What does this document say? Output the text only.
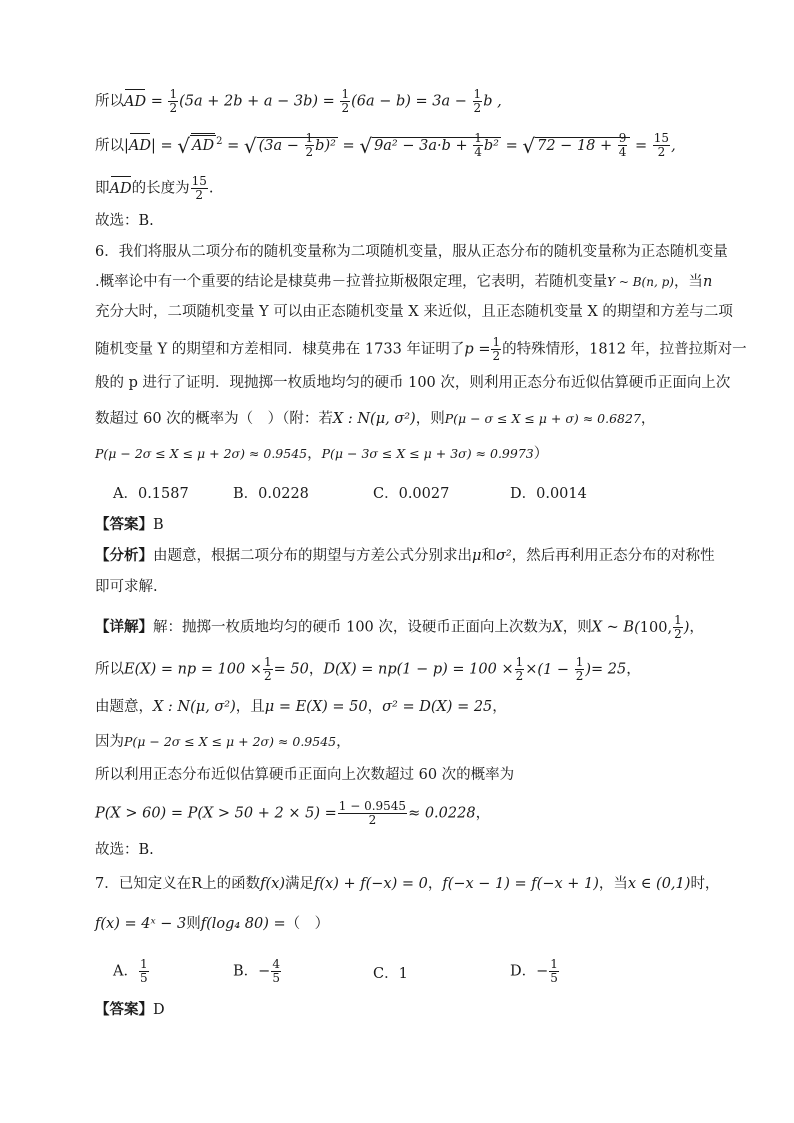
所以AD = $\frac{1}{2} (5a + 2b + a - 3b) = \frac{1}{2} (6a - b) = 3a - \frac{1}{2}$ b ,
所以|AD| = √ AD $^2$ = √ $(3a - \frac{1}{2} b)^2$ = √ $9a^2 - 3a\cdot b + \frac{1}{4} b^2$ = √ $72 - 18 + \frac{9}{4} = \frac{15}{2}$ ,
即AD的长度为 $\frac{15}{2}$ .
故选：B.
6．我们将服从二项分布的随机变量称为二项随机变量，服从正态分布的随机变量称为正态随机变量
.概率论中有一个重要的结论是棣莫弗－拉普拉斯极限定理，它表明，若随机变量Y ~ B(n, p)，当n
充分大时，二项随机变量 Y 可以由正态随机变量 X 来近似，且正态随机变量 X 的期望和方差与二项
随机变量 Y 的期望和方差相同．棣莫弗在 1733 年证明了$p = \frac{1}{2}$ 的特殊情形，1812 年，拉普拉斯对一
般的 p 进行了证明．现抛掷一枚质地均匀的硬币 100 次，则利用正态分布近似估算硬币正面向上次
数超过 60 次的概率为（　）（附：若X : N(μ, σ²)，则P(μ − σ ≤ X ≤ μ + σ) ≈ 0.6827，
P(μ − 2σ ≤ X ≤ μ + 2σ) ≈ 0.9545，P(μ − 3σ ≤ X ≤ μ + 3σ) ≈ 0.9973）
A．0.1587	B．0.0228	C．0.0027	D．0.0014
【答案】B
【分析】由题意，根据二项分布的期望与方差公式分别求出μ和σ²，然后再利用正态分布的对称性
即可求解.
【详解】解：抛掷一枚质地均匀的硬币 100 次，设硬币正面向上次数为X，则X ~ B(100, $\frac{1}{2}$ )，
所以E(X) = np = $100 \times \frac{1}{2} = 50$，$D(X) = np(1 - p) = 100 \times \frac{1}{2} \times(1 - \frac{1}{2}$ )= 25，
由题意，X : N(μ, σ²)，且μ = E(X) = 50，σ² = D(X) = 25，
因为P(μ − 2σ ≤ X ≤ μ + 2σ) ≈ 0.9545，
所以利用正态分布近似估算硬币正面向上次数超过 60 次的概率为
$P(X > 60) = P(X > 50 + 2 \times 5) = \frac{1 - 0.9545}{2} \approx 0.0228$，
故选：B.
7．已知定义在R上的函数f(x)满足f(x) + f(−x) = 0，f(−x − 1) = f(−x + 1)，当x ∈ (0,1)时，
f(x) = 4ˣ − 3则f(log₄ 80) =（　）
A． $\frac{1}{5}$	B．− $\frac{4}{5}$	C．1	D．− $\frac{1}{5}$
【答案】D
